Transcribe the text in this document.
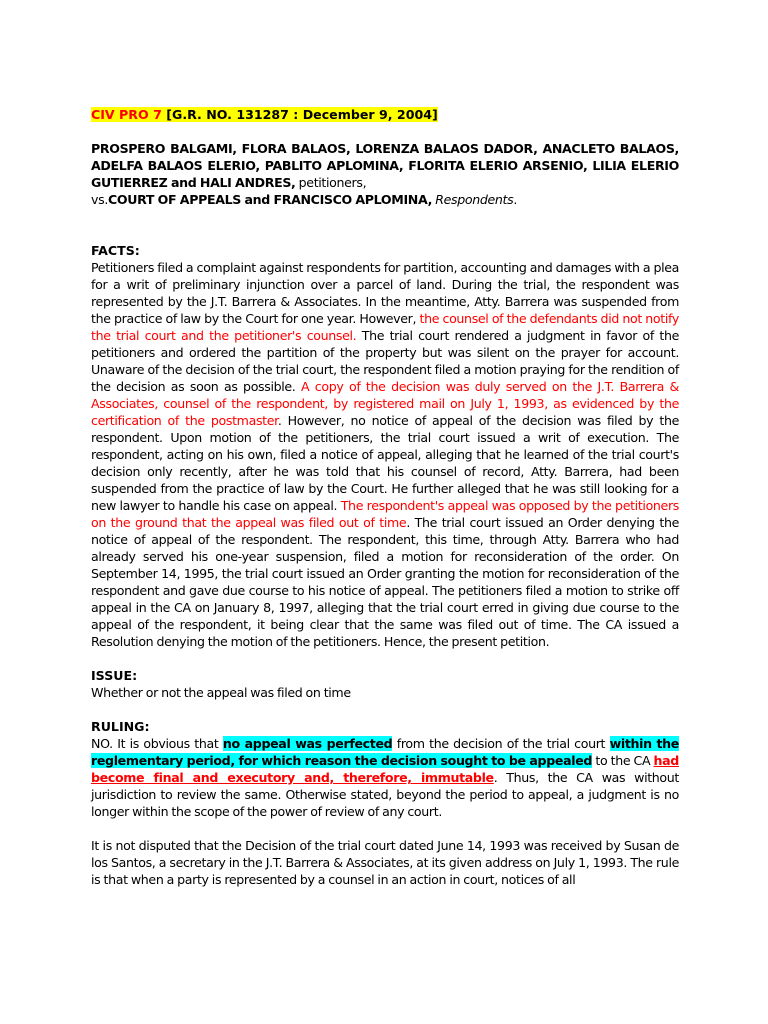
CIV PRO 7 [G.R. NO. 131287 : December 9, 2004]

PROSPERO BALGAMI, FLORA BALAOS, LORENZA BALAOS DADOR, ANACLETO BALAOS, ADELFA BALAOS ELERIO, PABLITO APLOMINA, FLORITA ELERIO ARSENIO, LILIA ELERIO GUTIERREZ and HALI ANDRES, petitioners,
vs.COURT OF APPEALS and FRANCISCO APLOMINA, Respondents.

FACTS:

Petitioners filed a complaint against respondents for partition, accounting and damages with a plea for a writ of preliminary injunction over a parcel of land. During the trial, the respondent was represented by the J.T. Barrera & Associates. In the meantime, Atty. Barrera was suspended from the practice of law by the Court for one year. However, the counsel of the defendants did not notify the trial court and the petitioner's counsel. The trial court rendered a judgment in favor of the petitioners and ordered the partition of the property but was silent on the prayer for account. Unaware of the decision of the trial court, the respondent filed a motion praying for the rendition of the decision as soon as possible. A copy of the decision was duly served on the J.T. Barrera & Associates, counsel of the respondent, by registered mail on July 1, 1993, as evidenced by the certification of the postmaster. However, no notice of appeal of the decision was filed by the respondent. Upon motion of the petitioners, the trial court issued a writ of execution. The respondent, acting on his own, filed a notice of appeal, alleging that he learned of the trial court's decision only recently, after he was told that his counsel of record, Atty. Barrera, had been suspended from the practice of law by the Court. He further alleged that he was still looking for a new lawyer to handle his case on appeal. The respondent's appeal was opposed by the petitioners on the ground that the appeal was filed out of time. The trial court issued an Order denying the notice of appeal of the respondent. The respondent, this time, through Atty. Barrera who had already served his one-year suspension, filed a motion for reconsideration of the order. On September 14, 1995, the trial court issued an Order granting the motion for reconsideration of the respondent and gave due course to his notice of appeal. The petitioners filed a motion to strike off appeal in the CA on January 8, 1997, alleging that the trial court erred in giving due course to the appeal of the respondent, it being clear that the same was filed out of time. The CA issued a Resolution denying the motion of the petitioners. Hence, the present petition.

ISSUE:

Whether or not the appeal was filed on time

RULING:

NO. It is obvious that no appeal was perfected from the decision of the trial court within the reglementary period, for which reason the decision sought to be appealed to the CA had become final and executory and, therefore, immutable. Thus, the CA was without jurisdiction to review the same. Otherwise stated, beyond the period to appeal, a judgment is no longer within the scope of the power of review of any court.

It is not disputed that the Decision of the trial court dated June 14, 1993 was received by Susan de los Santos, a secretary in the J.T. Barrera & Associates, at its given address on July 1, 1993. The rule is that when a party is represented by a counsel in an action in court, notices of all
